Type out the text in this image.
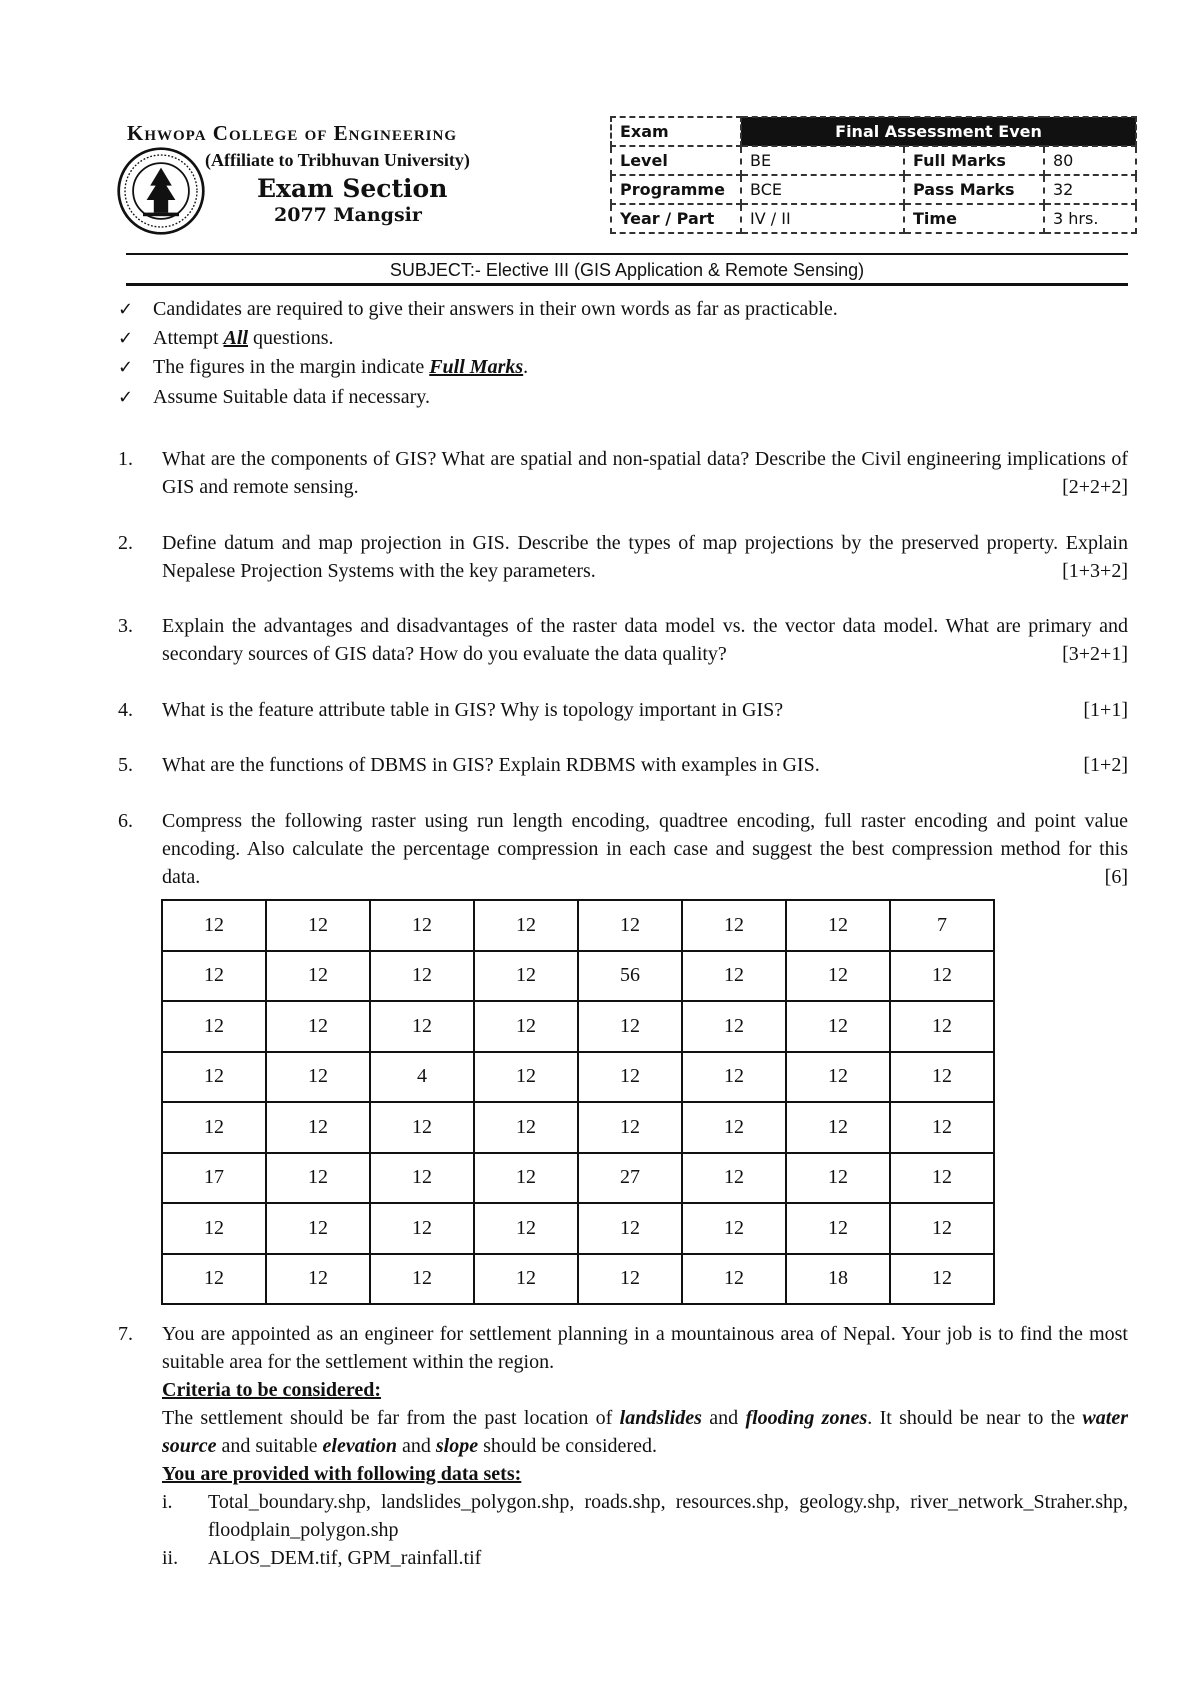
Khwopa College of Engineering
(Affiliate to Tribhuvan University)
Exam Section
2077 Mangsir
Exam	Final Assessment Even		
Level	BE	Full Marks	80
Programme	BCE	Pass Marks	32
Year / Part	IV / II	Time	3 hrs.
SUBJECT:- Elective III (GIS Application & Remote Sensing)
✓ Candidates are required to give their answers in their own words as far as practicable.
✓ Attempt All questions.
✓ The figures in the margin indicate Full Marks.
✓ Assume Suitable data if necessary.
1. What are the components of GIS? What are spatial and non-spatial data? Describe the Civil engineering implications of GIS and remote sensing.	[2+2+2]
2. Define datum and map projection in GIS. Describe the types of map projections by the preserved property. Explain Nepalese Projection Systems with the key parameters.	[1+3+2]
3. Explain the advantages and disadvantages of the raster data model vs. the vector data model. What are primary and secondary sources of GIS data? How do you evaluate the data quality?	[3+2+1]
4. What is the feature attribute table in GIS? Why is topology important in GIS?	[1+1]
5. What are the functions of DBMS in GIS? Explain RDBMS with examples in GIS.	[1+2]
6. Compress the following raster using run length encoding, quadtree encoding, full raster encoding and point value encoding. Also calculate the percentage compression in each case and suggest the best compression method for this data.	[6]
12	12	12	12	12	12	12	7
12	12	12	12	56	12	12	12
12	12	12	12	12	12	12	12
12	12	4	12	12	12	12	12
12	12	12	12	12	12	12	12
17	12	12	12	27	12	12	12
12	12	12	12	12	12	12	12
12	12	12	12	12	12	18	12
7. You are appointed as an engineer for settlement planning in a mountainous area of Nepal. Your job is to find the most suitable area for the settlement within the region.
Criteria to be considered:
The settlement should be far from the past location of landslides and flooding zones. It should be near to the water source and suitable elevation and slope should be considered.
You are provided with following data sets:
i. Total_boundary.shp, landslides_polygon.shp, roads.shp, resources.shp, geology.shp, river_network_Straher.shp, floodplain_polygon.shp
ii. ALOS_DEM.tif, GPM_rainfall.tif
